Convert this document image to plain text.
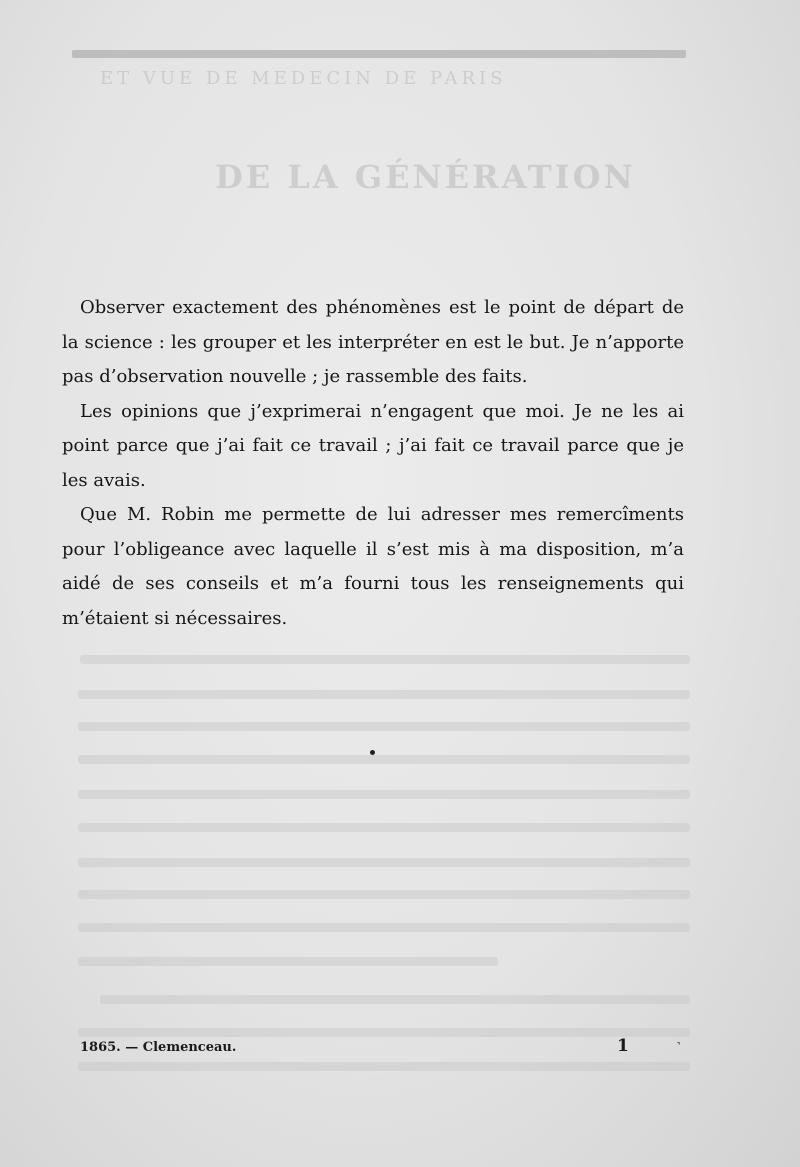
ET VUE DE MEDECIN DE PARIS
DE LA GÉNÉRATION

Observer exactement des phénomènes est le point de départ de la science : les grouper et les interpréter en est le but. Je n’apporte pas d’observation nouvelle ; je rassemble des faits.

Les opinions que j’exprimerai n’engagent que moi. Je ne les ai point parce que j’ai fait ce travail ; j’ai fait ce travail parce que je les avais.

Que M. Robin me permette de lui adresser mes remercîments pour l’obligeance avec laquelle il s’est mis à ma disposition, m’a aidé de ses conseils et m’a fourni tous les renseignements qui m’étaient si nécessaires.

1865. — Clemenceau.	1	˺
